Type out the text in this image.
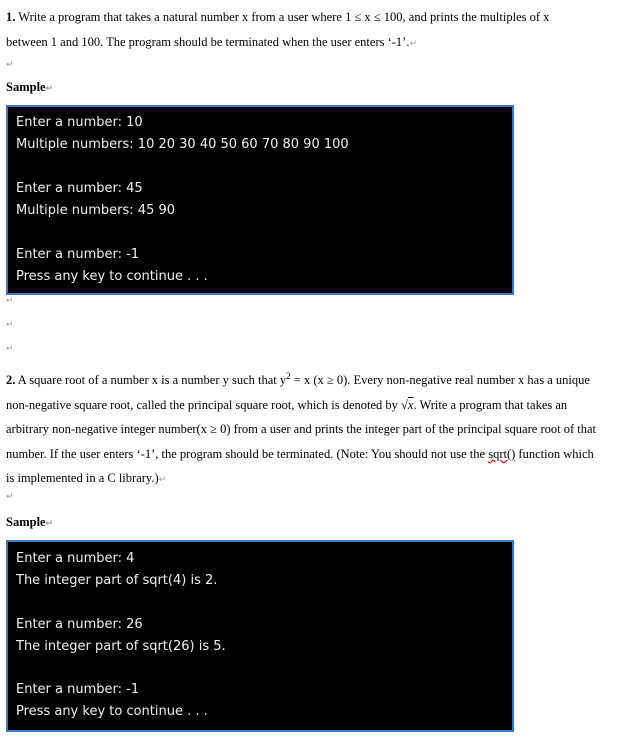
1. Write a program that takes a natural number x from a user where 1 ≤ x ≤ 100, and prints the multiples of x
between 1 and 100. The program should be terminated when the user enters ‘-1’.↵
↵
Sample↵
Enter a number: 10
Multiple numbers: 10 20 30 40 50 60 70 80 90 100
Enter a number: 45
Multiple numbers: 45 90
Enter a number: -1
Press any key to continue . . .
↵
↵
↵
2. A square root of a number x is a number y such that $y^2 = x$ (x ≥ 0). Every non-negative real number x has a unique
non-negative square root, called the principal square root, which is denoted by √x. Write a program that takes an
arbitrary non-negative integer number(x ≥ 0) from a user and prints the integer part of the principal square root of that
number. If the user enters ‘-1’, the program should be terminated. (Note: You should not use the sqrt() function which
is implemented in a C library.)↵
↵
Sample↵
Enter a number: 4
The integer part of sqrt(4) is 2.
Enter a number: 26
The integer part of sqrt(26) is 5.
Enter a number: -1
Press any key to continue . . .
